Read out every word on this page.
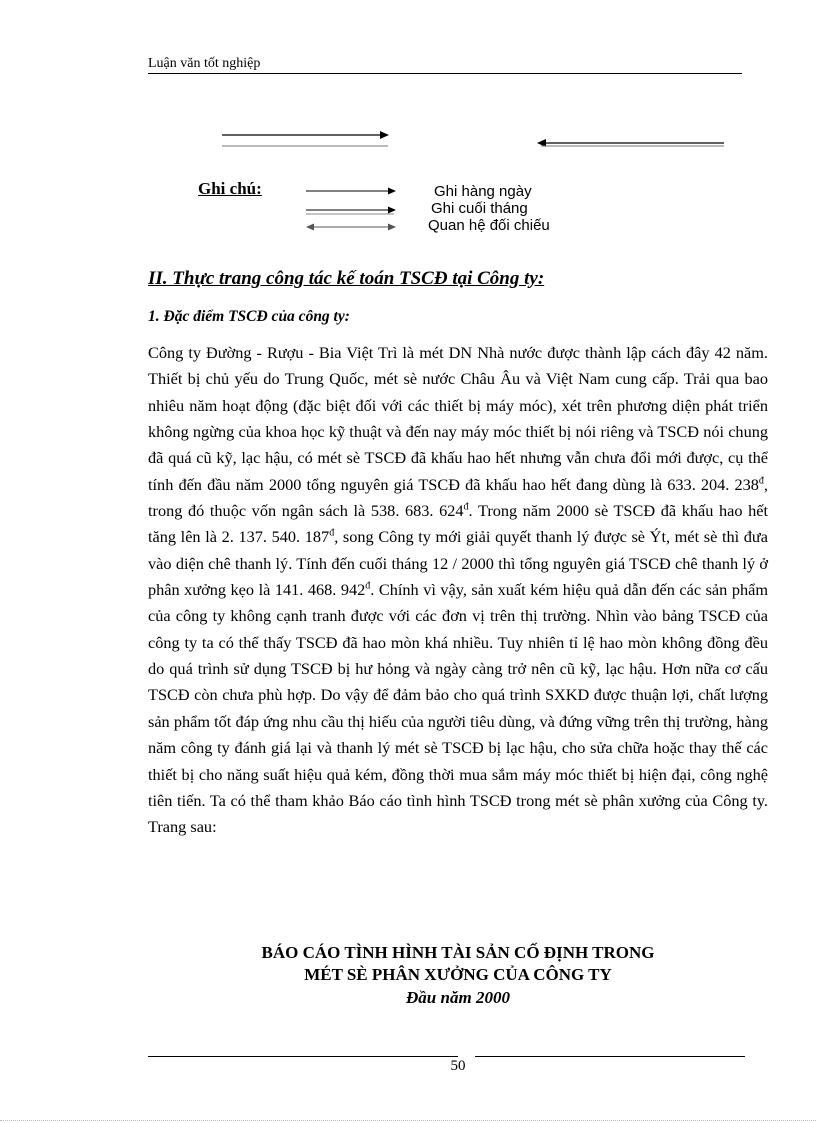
Luận văn tốt nghiệp
Ghi chú:	Ghi hàng ngày
Ghi cuối tháng
Quan hệ đối chiếu
II. Thực trang công tác kế toán TSCĐ tại Công ty:
1. Đặc điểm TSCĐ của công ty:
Công ty Đường - Rượu - Bia Việt Trì là mét DN Nhà nước được thành lập cách đây 42 năm. Thiết bị chủ yếu do Trung Quốc, mét sè nước Châu Âu và Việt Nam cung cấp. Trải qua bao nhiêu năm hoạt động (đặc biệt đối với các thiết bị máy móc), xét trên phương diện phát triển không ngừng của khoa học kỹ thuật và đến nay máy móc thiết bị nói riêng và TSCĐ nói chung đã quá cũ kỹ, lạc hậu, có mét sè TSCĐ đã khấu hao hết nhưng vẫn chưa đổi mới được, cụ thể tính đến đầu năm 2000 tổng nguyên giá TSCĐ đã khấu hao hết đang dùng là 633. 204. $238^đ$, trong đó thuộc vốn ngân sách là 538. 683. $624^đ$. Trong năm 2000 sè TSCĐ đã khấu hao hết tăng lên là 2. 137. 540. $187^đ$, song Công ty mới giải quyết thanh lý được sè Ýt, mét sè thì đưa vào diện chê thanh lý. Tính đến cuối tháng 12 / 2000 thì tổng nguyên giá TSCĐ chê thanh lý ở phân xưởng kẹo là 141. 468. $942^đ$. Chính vì vậy, sản xuất kém hiệu quả dẫn đến các sản phẩm của công ty không cạnh tranh được với các đơn vị trên thị trường. Nhìn vào bảng TSCĐ của công ty ta có thể thấy TSCĐ đã hao mòn khá nhiều. Tuy nhiên tỉ lệ hao mòn không đồng đều do quá trình sử dụng TSCĐ bị hư hỏng và ngày càng trở nên cũ kỹ, lạc hậu. Hơn nữa cơ cấu TSCĐ còn chưa phù hợp. Do vậy để đảm bảo cho quá trình SXKD được thuận lợi, chất lượng sản phẩm tốt đáp ứng nhu cầu thị hiếu của người tiêu dùng, và đứng vững trên thị trường, hàng năm công ty đánh giá lại và thanh lý mét sè TSCĐ bị lạc hậu, cho sửa chữa hoặc thay thế các thiết bị cho năng suất hiệu quả kém, đồng thời mua sắm máy móc thiết bị hiện đại, công nghệ tiên tiến. Ta có thể tham khảo Báo cáo tình hình TSCĐ trong mét sè phân xưởng của Công ty. Trang sau:
BÁO CÁO TÌNH HÌNH TÀI SẢN CỐ ĐỊNH TRONG
MÉT SÈ PHÂN XƯỞNG CỦA CÔNG TY
Đầu năm 2000
50
